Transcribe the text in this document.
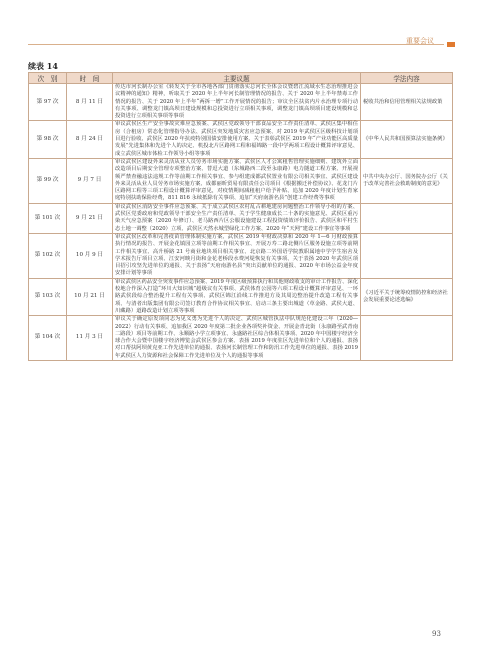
重要会议
续表 14
次　别	时　间	主要议题	学法内容
第 97 次	8 月 11 日	传达市河长制办公室《转发关于全市各地各部门贯彻落实总河长全体会议暨碧江流域水生态治理推进会议精神的通知》精神，听取关于 2020 年上半年河长制管理情况的报告、关于 2020 年上半年禁毒工作情况的报告、关于 2020 年上半年“两拆一增”工作开展情况的报告；审议全区扶贫内片水治理专项行动有关事项、调整龙门镇高坝日建设规模和总投资进行立项相关事项，调整龙门镇高坝项目建设规模和总投资进行立项相关事项等事项	税收共治和信用管理相关法规政策
第 98 次	8 月 24 日	审议武侯区生产安全事故灾难应急预案、武侯区党政领导干部食品安全工作责任清单、武侯区集中相住房（合租房）常态化管理指导办法、武侯区突发地质灾害应急预案、对 2019 年武侯区区级科技计划项目进行验收、武侯区 2020 年抗疫特别国债安排使用方案、关于表彰武侯区 2019 年“产业功能区高质量发展”先进集体和先进个人的决定、机投北片区路网工程和福锦路一段中学两项工程设计概算评审意见、成立武侯区城市体检工作领导小组等事项	《中华人民共和国预算法实施条例》
第 99 次	9 月 7 日	审议武侯区建设外来灵活从业人员劳务市场实施方案、武侯区人才公寓租售管理实施细则、建筑外立面改造项目后期安全管理专项整治方案、替逗大道（东城路西二段至永康路）电力隧道工程方案、开展视频严禁查融违法违规工作等前期工作相关事宜、参与组建成都武侯置业有限公司相关事宜、武侯区建设外来灵活从业人员劳务市场实施方案、成都丽昕贸易有限责任公司项目《根据搬迁补偿协议》、花龙门片区路网工程等三项工程设计概算评审意见，对疫情期间减租租户给予补贴、追加 2020 年度计划生育家庭特别扶助保险经费，811 816 永续抵除有关事项、追加“天府南游名县”创建工作经费等事项	中共中央办公厅、国务院办公厅《关于改革完善社会救助制度的意见》
第 101 次	9 月 21 日	审议武侯区消防安全事件应急预案、关于成立武侯区农村乱占耕地建房问题整治工作领导小组的方案、武侯区党委政府和党政领导干部安全生产责任清单、关于学生健康成长二十条的实施意见、武侯区重污染天气应急预案（2020 年修订）、老马路西片区公服设施建设工程投资绩效评价报告、武侯区和平村生态土地一调整（2020）立项、武侯区天然水城型绿化工作方案、2020 年“天网”建设工作事宜等事项	
第 102 次	10 月 9 日	审议武侯区改革和完善疫苗管理体制实施方案、武侯区 2019 年财政决算和 2020 年 1—6 月财政预算执行情况的报告、开展金花镇园立项等前期工作相关事宜、开展万寿二路北侧片区服务设施立项等前期工作相关事宜、高升桥路 21 号商业地块项目相关事宜、北京路二外国语学院教职属地中学学生宿舍及学术报告厅项目立项、江安河映月街和金花老桥段水费河堤恢复有关事项、关于表扬 2020 年武侯区项目招引攻坚先进单位的通报、关于表扬“天府南游名县”突出贡献单位的通报、2020 年市场公益金年度安排计划等事项	
第 103 次	10 月 21 日	审议武侯区药品安全突发事件应急预案、2019 年度区级预算执行和其他财政收支的审计工作报告、深化校地合作深入打造“环川大知识城”超级议有关事项、武侯体育公园等六项工程设计概算评审意见、一环路武侯段综合整治提升工程有关事项、武侯区锦江沿线工作推进方及其周边整治提升改造工程有关事项、与清者出版集团有限公司签订教育合作协议相关事宜、启动三条主要出城道（草金路、武侯大道、川藏路）道路改造计划立项等事项	《习近平关于统筹疫情防控和经济社会发展重要论述选编》
第 104 次	11 月 3 日	审议关于确定原发项同志为见义勇为先进个人的决定、武侯区城管执法中队规范化建设三年（2020—2022）行动有关事项、追加我区 2020 年度第二批企业各项奖补资金、开展金青北街（永康路至武青南二路段）项目等前期工作、永顺路小学立项事宜、永盛路社区综合体相关事项、2020 年中国楼宇经济全球合作大会暨中国楼宇经济博览会武侯区参会方案、表扬 2019 年度驻区先进单位和个人的通报、表扬对口帮扶阿坝黄克亚工作先进单位的通报、表扬河长制管理工作和防汛工作先进单位的通报、表扬 2019 年武侯区人力资源和社会保障工作先进单位及个人的通报等事项	
93
